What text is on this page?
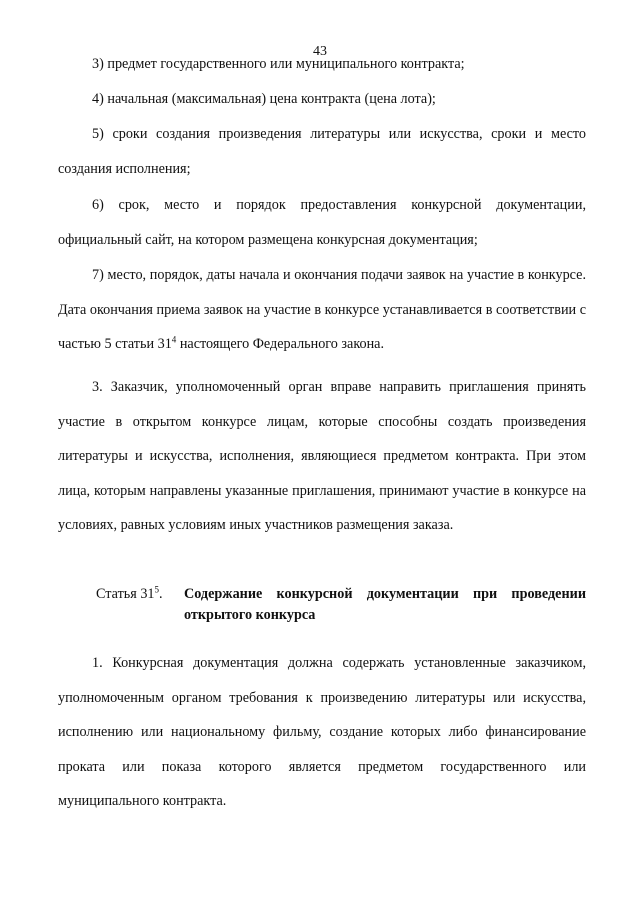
43

3) предмет государственного или муниципального контракта;

4) начальная (максимальная) цена контракта (цена лота);

5) сроки создания произведения литературы или искусства, сроки и место создания исполнения;

6) срок, место и порядок предоставления конкурсной документации, официальный сайт, на котором размещена конкурсная документация;

7) место, порядок, даты начала и окончания подачи заявок на участие в конкурсе. Дата окончания приема заявок на участие в конкурсе устанавливается в соответствии с частью 5 статьи $31^4$ настоящего Федерального закона.

3. Заказчик, уполномоченный орган вправе направить приглашения принять участие в открытом конкурсе лицам, которые способны создать произведения литературы и искусства, исполнения, являющиеся предметом контракта. При этом лица, которым направлены указанные приглашения, принимают участие в конкурсе на условиях, равных условиям иных участников размещения заказа.

Статья $31^5$.	Содержание конкурсной документации при проведении открытого конкурса

1. Конкурсная документация должна содержать установленные заказчиком, уполномоченным органом требования к произведению литературы или искусства, исполнению или национальному фильму, создание которых либо финансирование проката или показа которого является предметом государственного или муниципального контракта.
